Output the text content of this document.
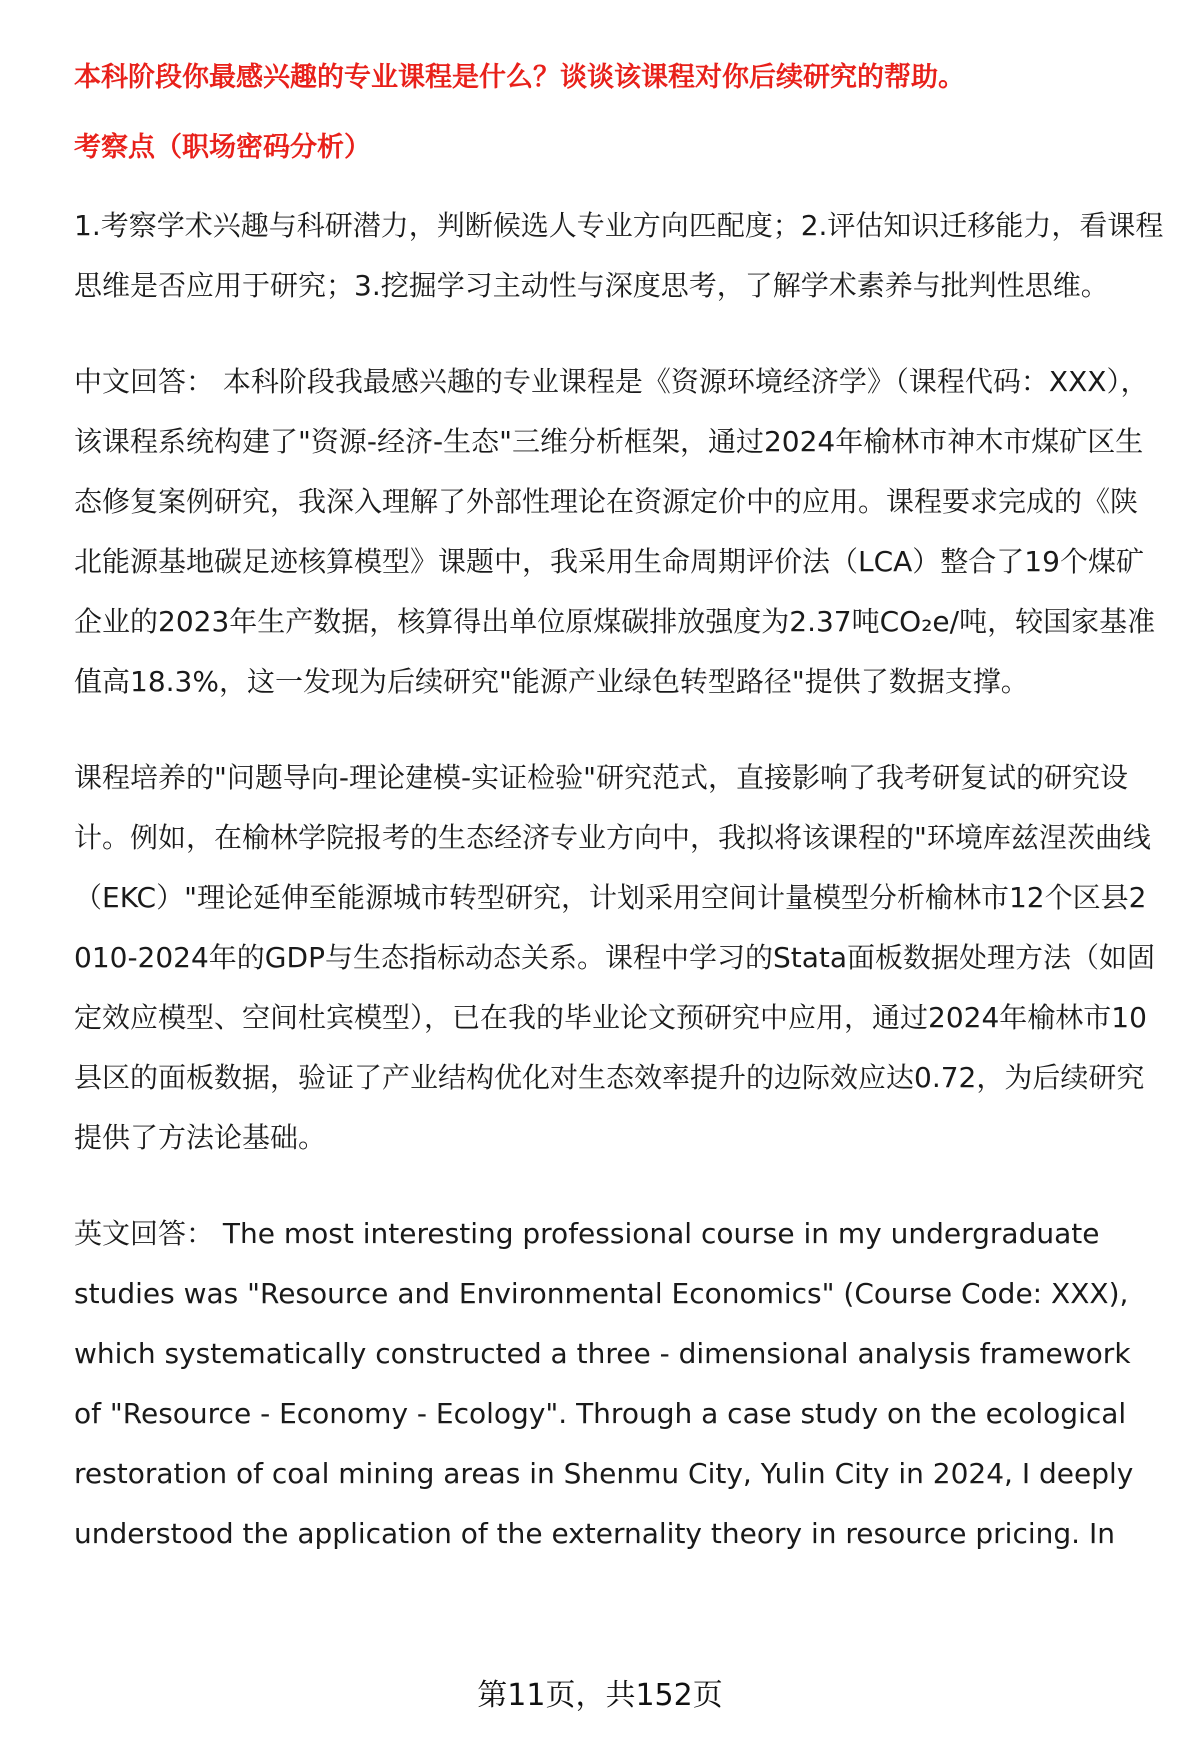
本科阶段你最感兴趣的专业课程是什么？谈谈该课程对你后续研究的帮助。
考察点（职场密码分析）
1.考察学术兴趣与科研潜力，判断候选人专业方向匹配度；2.评估知识迁移能力，看课程思维是否应用于研究；3.挖掘学习主动性与深度思考，了解学术素养与批判性思维。
中文回答： 本科阶段我最感兴趣的专业课程是《资源环境经济学》（课程代码：XXX），该课程系统构建了"资源-经济-生态"三维分析框架，通过2024年榆林市神木市煤矿区生态修复案例研究，我深入理解了外部性理论在资源定价中的应用。课程要求完成的《陕北能源基地碳足迹核算模型》课题中，我采用生命周期评价法（LCA）整合了19个煤矿企业的2023年生产数据，核算得出单位原煤碳排放强度为2.37吨CO₂e/吨，较国家基准值高18.3%，这一发现为后续研究"能源产业绿色转型路径"提供了数据支撑。
课程培养的"问题导向-理论建模-实证检验"研究范式，直接影响了我考研复试的研究设计。例如，在榆林学院报考的生态经济专业方向中，我拟将该课程的"环境库兹涅茨曲线（EKC）"理论延伸至能源城市转型研究，计划采用空间计量模型分析榆林市12个区县2010-2024年的GDP与生态指标动态关系。课程中学习的Stata面板数据处理方法（如固定效应模型、空间杜宾模型），已在我的毕业论文预研究中应用，通过2024年榆林市10县区的面板数据，验证了产业结构优化对生态效率提升的边际效应达0.72，为后续研究提供了方法论基础。
英文回答： The most interesting professional course in my undergraduate studies was "Resource and Environmental Economics" (Course Code: XXX), which systematically constructed a three - dimensional analysis framework of "Resource - Economy - Ecology". Through a case study on the ecological restoration of coal mining areas in Shenmu City, Yulin City in 2024, I deeply understood the application of the externality theory in resource pricing. In
第11页，共152页
